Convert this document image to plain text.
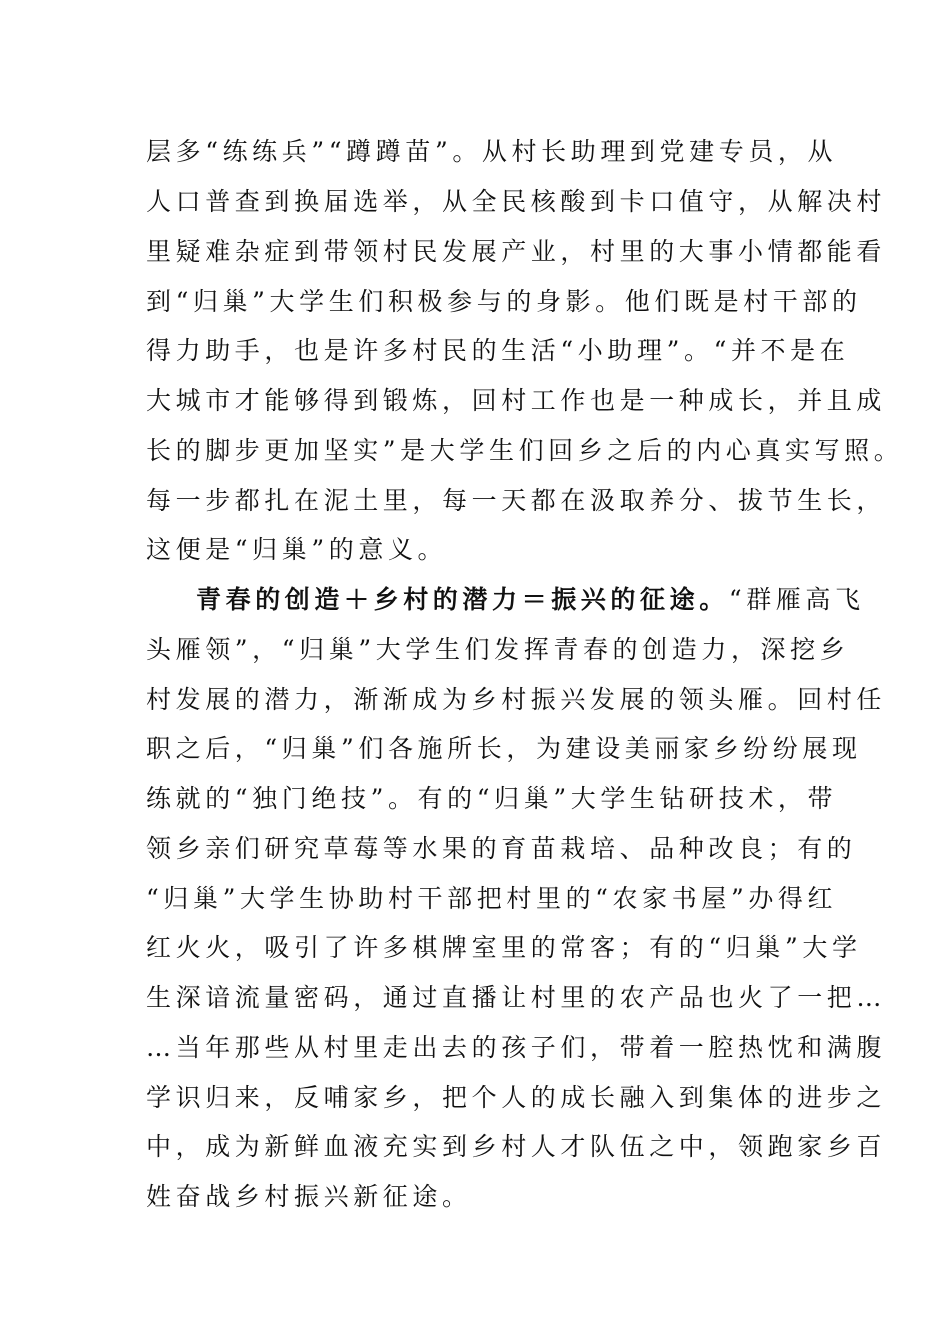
层多“练练兵”“蹲蹲苗”。从村长助理到党建专员，从
人口普查到换届选举，从全民核酸到卡口值守，从解决村
里疑难杂症到带领村民发展产业，村里的大事小情都能看
到“归巢”大学生们积极参与的身影。他们既是村干部的
得力助手，也是许多村民的生活“小助理”。“并不是在
大城市才能够得到锻炼，回村工作也是一种成长，并且成
长的脚步更加坚实”是大学生们回乡之后的内心真实写照。
每一步都扎在泥土里，每一天都在汲取养分、拔节生长，
这便是“归巢”的意义。
青春的创造＋乡村的潜力＝振兴的征途。“群雁高飞
头雁领”，“归巢”大学生们发挥青春的创造力，深挖乡
村发展的潜力，渐渐成为乡村振兴发展的领头雁。回村任
职之后，“归巢”们各施所长，为建设美丽家乡纷纷展现
练就的“独门绝技”。有的“归巢”大学生钻研技术，带
领乡亲们研究草莓等水果的育苗栽培、品种改良；有的
“归巢”大学生协助村干部把村里的“农家书屋”办得红
红火火，吸引了许多棋牌室里的常客；有的“归巢”大学
生深谙流量密码，通过直播让村里的农产品也火了一把…
…当年那些从村里走出去的孩子们，带着一腔热忱和满腹
学识归来，反哺家乡，把个人的成长融入到集体的进步之
中，成为新鲜血液充实到乡村人才队伍之中，领跑家乡百
姓奋战乡村振兴新征途。
